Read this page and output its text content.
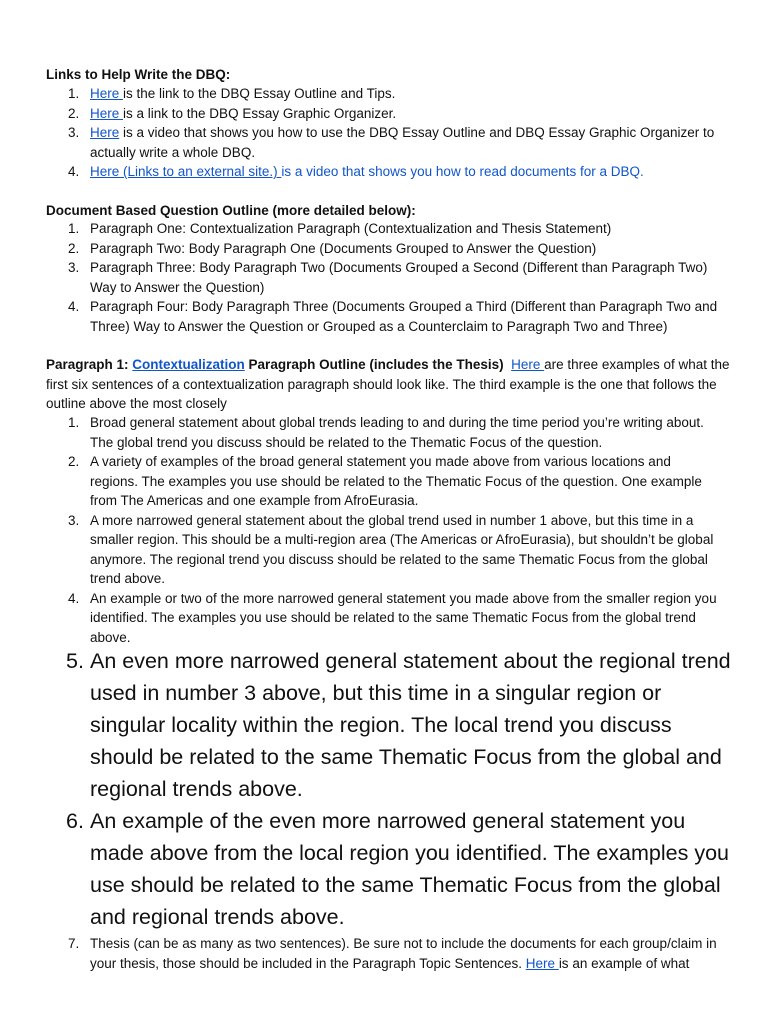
Links to Help Write the DBQ:
1. Here is the link to the DBQ Essay Outline and Tips.
2. Here is a link to the DBQ Essay Graphic Organizer.
3. Here is a video that shows you how to use the DBQ Essay Outline and DBQ Essay Graphic Organizer to actually write a whole DBQ.
4. Here (Links to an external site.) is a video that shows you how to read documents for a DBQ.
Document Based Question Outline (more detailed below):
1. Paragraph One: Contextualization Paragraph (Contextualization and Thesis Statement)
2. Paragraph Two: Body Paragraph One (Documents Grouped to Answer the Question)
3. Paragraph Three: Body Paragraph Two (Documents Grouped a Second (Different than Paragraph Two) Way to Answer the Question)
4. Paragraph Four: Body Paragraph Three (Documents Grouped a Third (Different than Paragraph Two and Three) Way to Answer the Question or Grouped as a Counterclaim to Paragraph Two and Three)
Paragraph 1: Contextualization Paragraph Outline (includes the Thesis) Here are three examples of what the first six sentences of a contextualization paragraph should look like. The third example is the one that follows the outline above the most closely
1. Broad general statement about global trends leading to and during the time period you’re writing about. The global trend you discuss should be related to the Thematic Focus of the question.
2. A variety of examples of the broad general statement you made above from various locations and regions. The examples you use should be related to the Thematic Focus of the question. One example from The Americas and one example from AfroEurasia.
3. A more narrowed general statement about the global trend used in number 1 above, but this time in a smaller region. This should be a multi-region area (The Americas or AfroEurasia), but shouldn’t be global anymore. The regional trend you discuss should be related to the same Thematic Focus from the global trend above.
4. An example or two of the more narrowed general statement you made above from the smaller region you identified. The examples you use should be related to the same Thematic Focus from the global trend above.
5. An even more narrowed general statement about the regional trend used in number 3 above, but this time in a singular region or singular locality within the region. The local trend you discuss should be related to the same Thematic Focus from the global and regional trends above.
6. An example of the even more narrowed general statement you made above from the local region you identified. The examples you use should be related to the same Thematic Focus from the global and regional trends above.
7. Thesis (can be as many as two sentences). Be sure not to include the documents for each group/claim in your thesis, those should be included in the Paragraph Topic Sentences. Here is an example of what
